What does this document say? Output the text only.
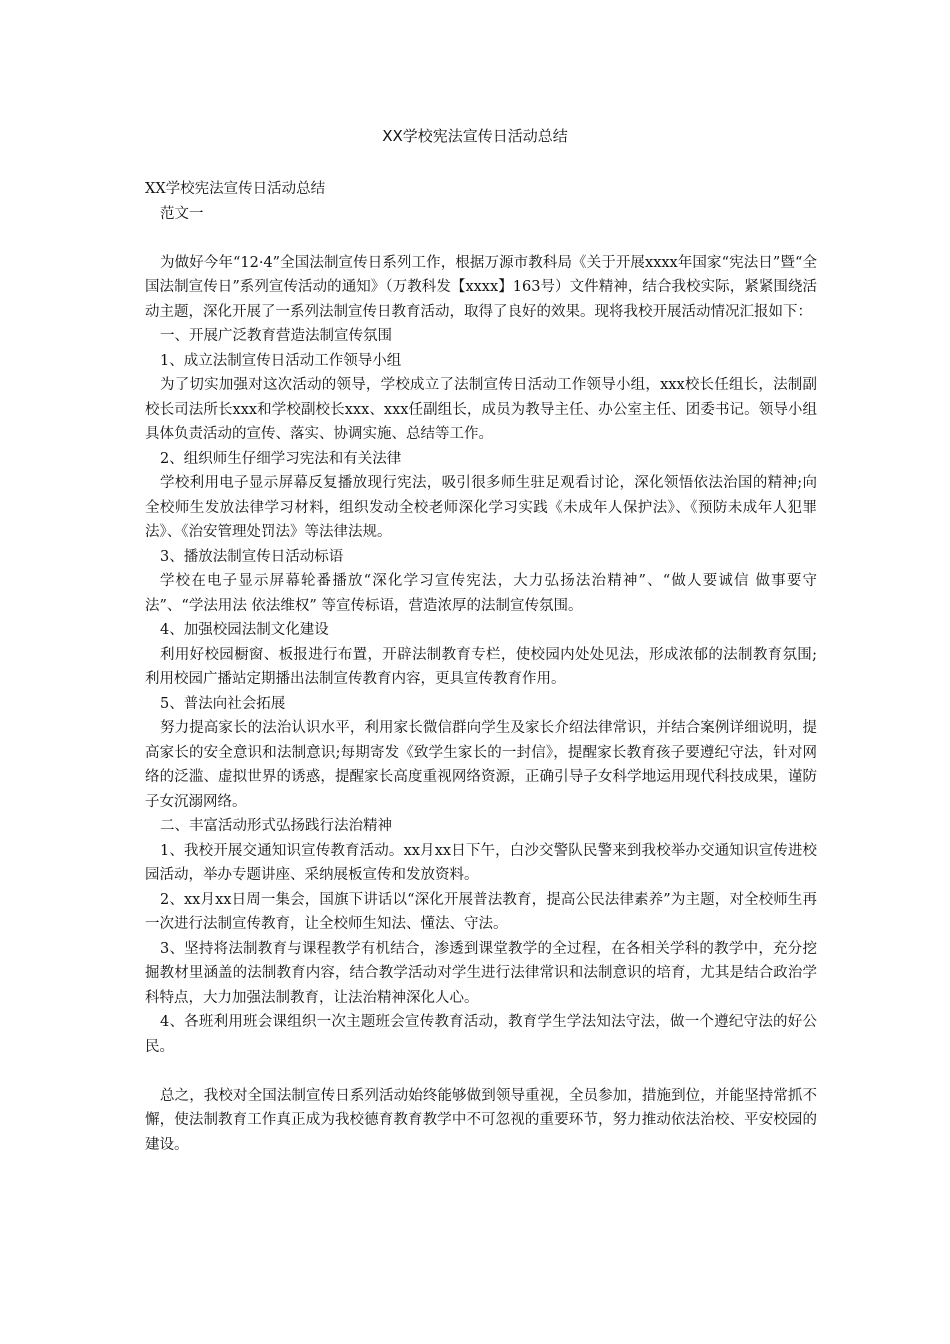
XX学校宪法宣传日活动总结

XX学校宪法宣传日活动总结

范文一

为做好今年“12·4”全国法制宣传日系列工作，根据万源市教科局《关于开展xxxx年国家“宪法日”暨“全国法制宣传日”系列宣传活动的通知》（万教科发【xxxx】163号）文件精神，结合我校实际，紧紧围绕活动主题，深化开展了一系列法制宣传日教育活动，取得了良好的效果。现将我校开展活动情况汇报如下：

一、开展广泛教育营造法制宣传氛围

1、成立法制宣传日活动工作领导小组

为了切实加强对这次活动的领导，学校成立了法制宣传日活动工作领导小组，xxx校长任组长，法制副校长司法所长xxx和学校副校长xxx、xxx任副组长，成员为教导主任、办公室主任、团委书记。领导小组具体负责活动的宣传、落实、协调实施、总结等工作。

2、组织师生仔细学习宪法和有关法律

学校利用电子显示屏幕反复播放现行宪法，吸引很多师生驻足观看讨论，深化领悟依法治国的精神;向全校师生发放法律学习材料，组织发动全校老师深化学习实践《未成年人保护法》、《预防未成年人犯罪法》、《治安管理处罚法》等法律法规。

3、播放法制宣传日活动标语

学校在电子显示屏幕轮番播放“深化学习宣传宪法，大力弘扬法治精神”、“做人要诚信 做事要守法”、“学法用法 依法维权” 等宣传标语，营造浓厚的法制宣传氛围。

4、加强校园法制文化建设

利用好校园橱窗、板报进行布置，开辟法制教育专栏，使校园内处处见法，形成浓郁的法制教育氛围;利用校园广播站定期播出法制宣传教育内容，更具宣传教育作用。

5、普法向社会拓展

努力提高家长的法治认识水平，利用家长微信群向学生及家长介绍法律常识，并结合案例详细说明，提高家长的安全意识和法制意识;每期寄发《致学生家长的一封信》，提醒家长教育孩子要遵纪守法，针对网络的泛滥、虚拟世界的诱惑，提醒家长高度重视网络资源，正确引导子女科学地运用现代科技成果，谨防子女沉溺网络。

二、丰富活动形式弘扬践行法治精神

1、我校开展交通知识宣传教育活动。xx月xx日下午，白沙交警队民警来到我校举办交通知识宣传进校园活动，举办专题讲座、采纳展板宣传和发放资料。

2、xx月xx日周一集会，国旗下讲话以“深化开展普法教育，提高公民法律素养”为主题，对全校师生再一次进行法制宣传教育，让全校师生知法、懂法、守法。

3、坚持将法制教育与课程教学有机结合，渗透到课堂教学的全过程，在各相关学科的教学中，充分挖掘教材里涵盖的法制教育内容，结合教学活动对学生进行法律常识和法制意识的培育，尤其是结合政治学科特点，大力加强法制教育，让法治精神深化人心。

4、各班利用班会课组织一次主题班会宣传教育活动，教育学生学法知法守法，做一个遵纪守法的好公民。

总之，我校对全国法制宣传日系列活动始终能够做到领导重视，全员参加，措施到位，并能坚持常抓不懈，使法制教育工作真正成为我校德育教育教学中不可忽视的重要环节，努力推动依法治校、平安校园的建设。
